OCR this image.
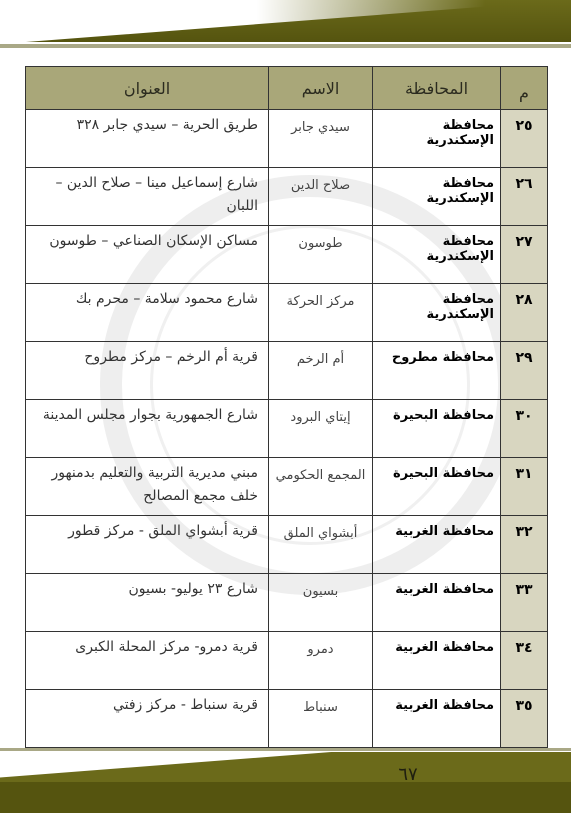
م	المحافظة	الاسم	العنوان
٢٥	محافظة الإسكندرية	سيدي جابر	طريق الحرية – سيدي جابر ٣٢٨
٢٦	محافظة الإسكندرية	صلاح الدين	شارع إسماعيل مينا – صلاح الدين – اللبان
٢٧	محافظة الإسكندرية	طوسون	مساكن الإسكان الصناعي – طوسون
٢٨	محافظة الإسكندرية	مركز الحركة	شارع محمود سلامة – محرم بك
٢٩	محافظة مطروح	أم الرخم	قرية أم الرخم – مركز مطروح
٣٠	محافظة البحيرة	إيتاي البرود	شارع الجمهورية بجوار مجلس المدينة
٣١	محافظة البحيرة	المجمع الحكومي	مبني مديرية التربية والتعليم بدمنهور خلف مجمع المصالح
٣٢	محافظة الغربية	أبشواي الملق	قرية أبشواي الملق - مركز قطور
٣٣	محافظة الغربية	بسيون	شارع ٢٣ يوليو- بسيون
٣٤	محافظة الغربية	دمرو	قرية دمرو- مركز المحلة الكبرى
٣٥	محافظة الغربية	سنباط	قرية سنباط - مركز زفتي
٦٧
